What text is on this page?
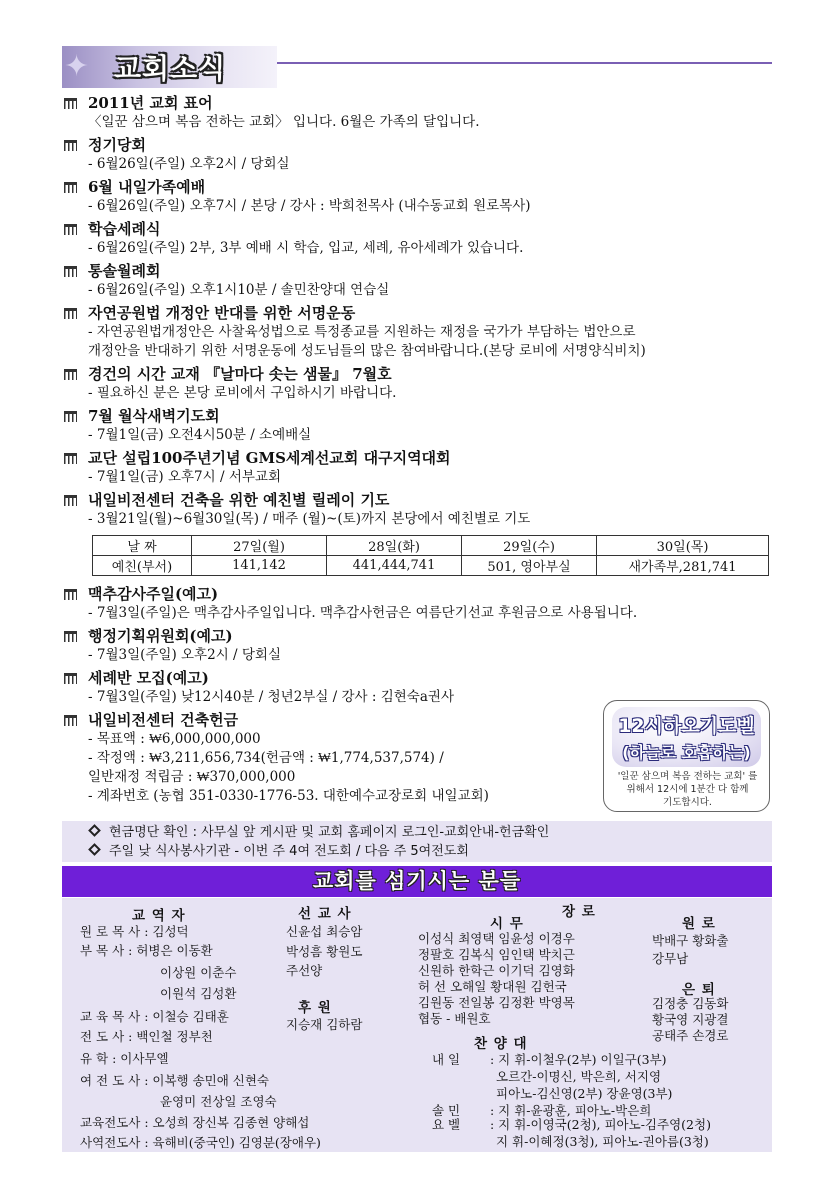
✦ 교회소식
2011년 교회 표어
〈일꾼 삼으며 복음 전하는 교회〉 입니다. 6월은 가족의 달입니다.
정기당회
- 6월26일(주일) 오후2시 / 당회실
6월 내일가족예배
- 6월26일(주일) 오후7시 / 본당 / 강사 : 박희천목사 (내수동교회 원로목사)
학습세례식
- 6월26일(주일) 2부, 3부 예배 시 학습, 입교, 세례, 유아세례가 있습니다.
통솔월례회
- 6월26일(주일) 오후1시10분 / 솔민찬양대 연습실
자연공원법 개정안 반대를 위한 서명운동
- 자연공원법개정안은 사찰육성법으로 특정종교를 지원하는 재정을 국가가 부담하는 법안으로
개정안을 반대하기 위한 서명운동에 성도님들의 많은 참여바랍니다.(본당 로비에 서명양식비치)
경건의 시간 교재 『날마다 솟는 샘물』 7월호
- 필요하신 분은 본당 로비에서 구입하시기 바랍니다.
7월 월삭새벽기도회
- 7월1일(금) 오전4시50분 / 소예배실
교단 설립100주년기념 GMS세계선교회 대구지역대회
- 7월1일(금) 오후7시 / 서부교회
내일비전센터 건축을 위한 예친별 릴레이 기도
- 3월21일(월)~6월30일(목) / 매주 (월)~(토)까지 본당에서 예친별로 기도
날 짜	27일(월)	28일(화)	29일(수)	30일(목)
예친(부서)	141,142	441,444,741	501, 영아부실	새가족부,281,741
맥추감사주일(예고)
- 7월3일(주일)은 맥추감사주일입니다. 맥추감사헌금은 여름단기선교 후원금으로 사용됩니다.
행정기획위원회(예고)
- 7월3일(주일) 오후2시 / 당회실
세례반 모집(예고)
- 7월3일(주일) 낮12시40분 / 청년2부실 / 강사 : 김현숙a권사
내일비전센터 건축헌금
- 목표액 : ₩6,000,000,000
- 작정액 : ₩3,211,656,734(헌금액 : ₩1,774,537,574) /
일반재정 적립금 : ₩370,000,000
- 계좌번호 (농협 351-0330-1776-53. 대한예수교장로회 내일교회)
12시하오기도벨
(하늘로 호흡하는)
'일꾼 삼으며 복음 전하는 교회' 를
위해서 12시에 1분간 다 함께
기도합시다.
현금명단 확인 : 사무실 앞 게시판 및 교회 홈페이지 로그인-교회안내-헌금확인
주일 낮 식사봉사기관 - 이번 주 4여 전도회 / 다음 주 5여전도회
교회를 섬기시는 분들
교 역 자
원 로 목 사 : 김성덕
부 목 사 : 허병은 이동환
이상원 이춘수
이원석 김성환
교 육 목 사 : 이철승 김태훈
전 도 사 : 백인철 정부천
유 학 : 이사무엘
여 전 도 사 : 이복행 송민애 신현숙
윤영미 전상일 조영숙
교육전도사 : 오성희 장신복 김종현 양해섭
사역전도사 : 육해비(중국인) 김영분(장애우)
선 교 사
신윤섭 최승암
박성흠 황원도
주선양
후 원
지승재 김하람
장 로
시 무
이성식 최영택 임윤성 이경우
정팔호 김복식 임인택 박치근
신원하 한학근 이기덕 김영화
허 선 오해일 황대원 김헌국
김원동 전일봉 김정환 박영목
협동 - 배원호
원 로
박배구 황화출
강무남
은 퇴
김정충 김동화
황국영 지광결
공태주 손경로
찬 양 대
내 일 : 지 휘-이철우(2부) 이일구(3부)
오르간-이명신, 박은희, 서지영
피아노-김신영(2부) 장윤영(3부)
솔 민 : 지 휘-윤광훈, 피아노-박은희
요 벨 : 지 휘-이영국(2청), 피아노-김주영(2청)
지 휘-이혜정(3청), 피아노-권아름(3청)
